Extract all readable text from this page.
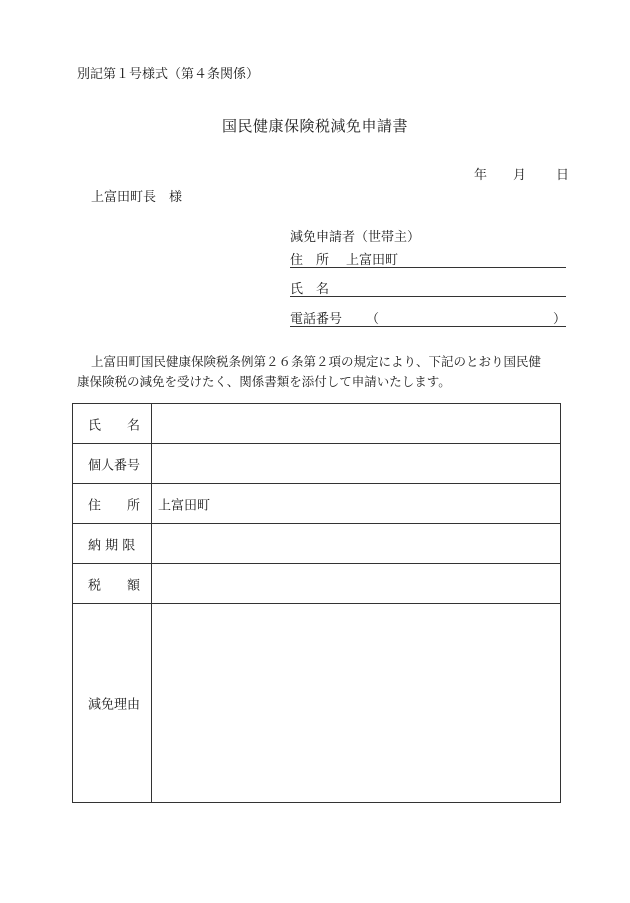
別記第１号様式（第４条関係）
国民健康保険税減免申請書
年 月 日
上富田町長　様
減免申請者（世帯主）
住　所 上富田町
氏　名
電話番号 （	）
上富田町国民健康保険税条例第２６条第２項の規定により、下記のとおり国民健
康保険税の減免を受けたく、関係書類を添付して申請いたします。
氏　　名	

個人番号	

住　　所	上富田町

納 期 限	

税　　額	

減免理由	
